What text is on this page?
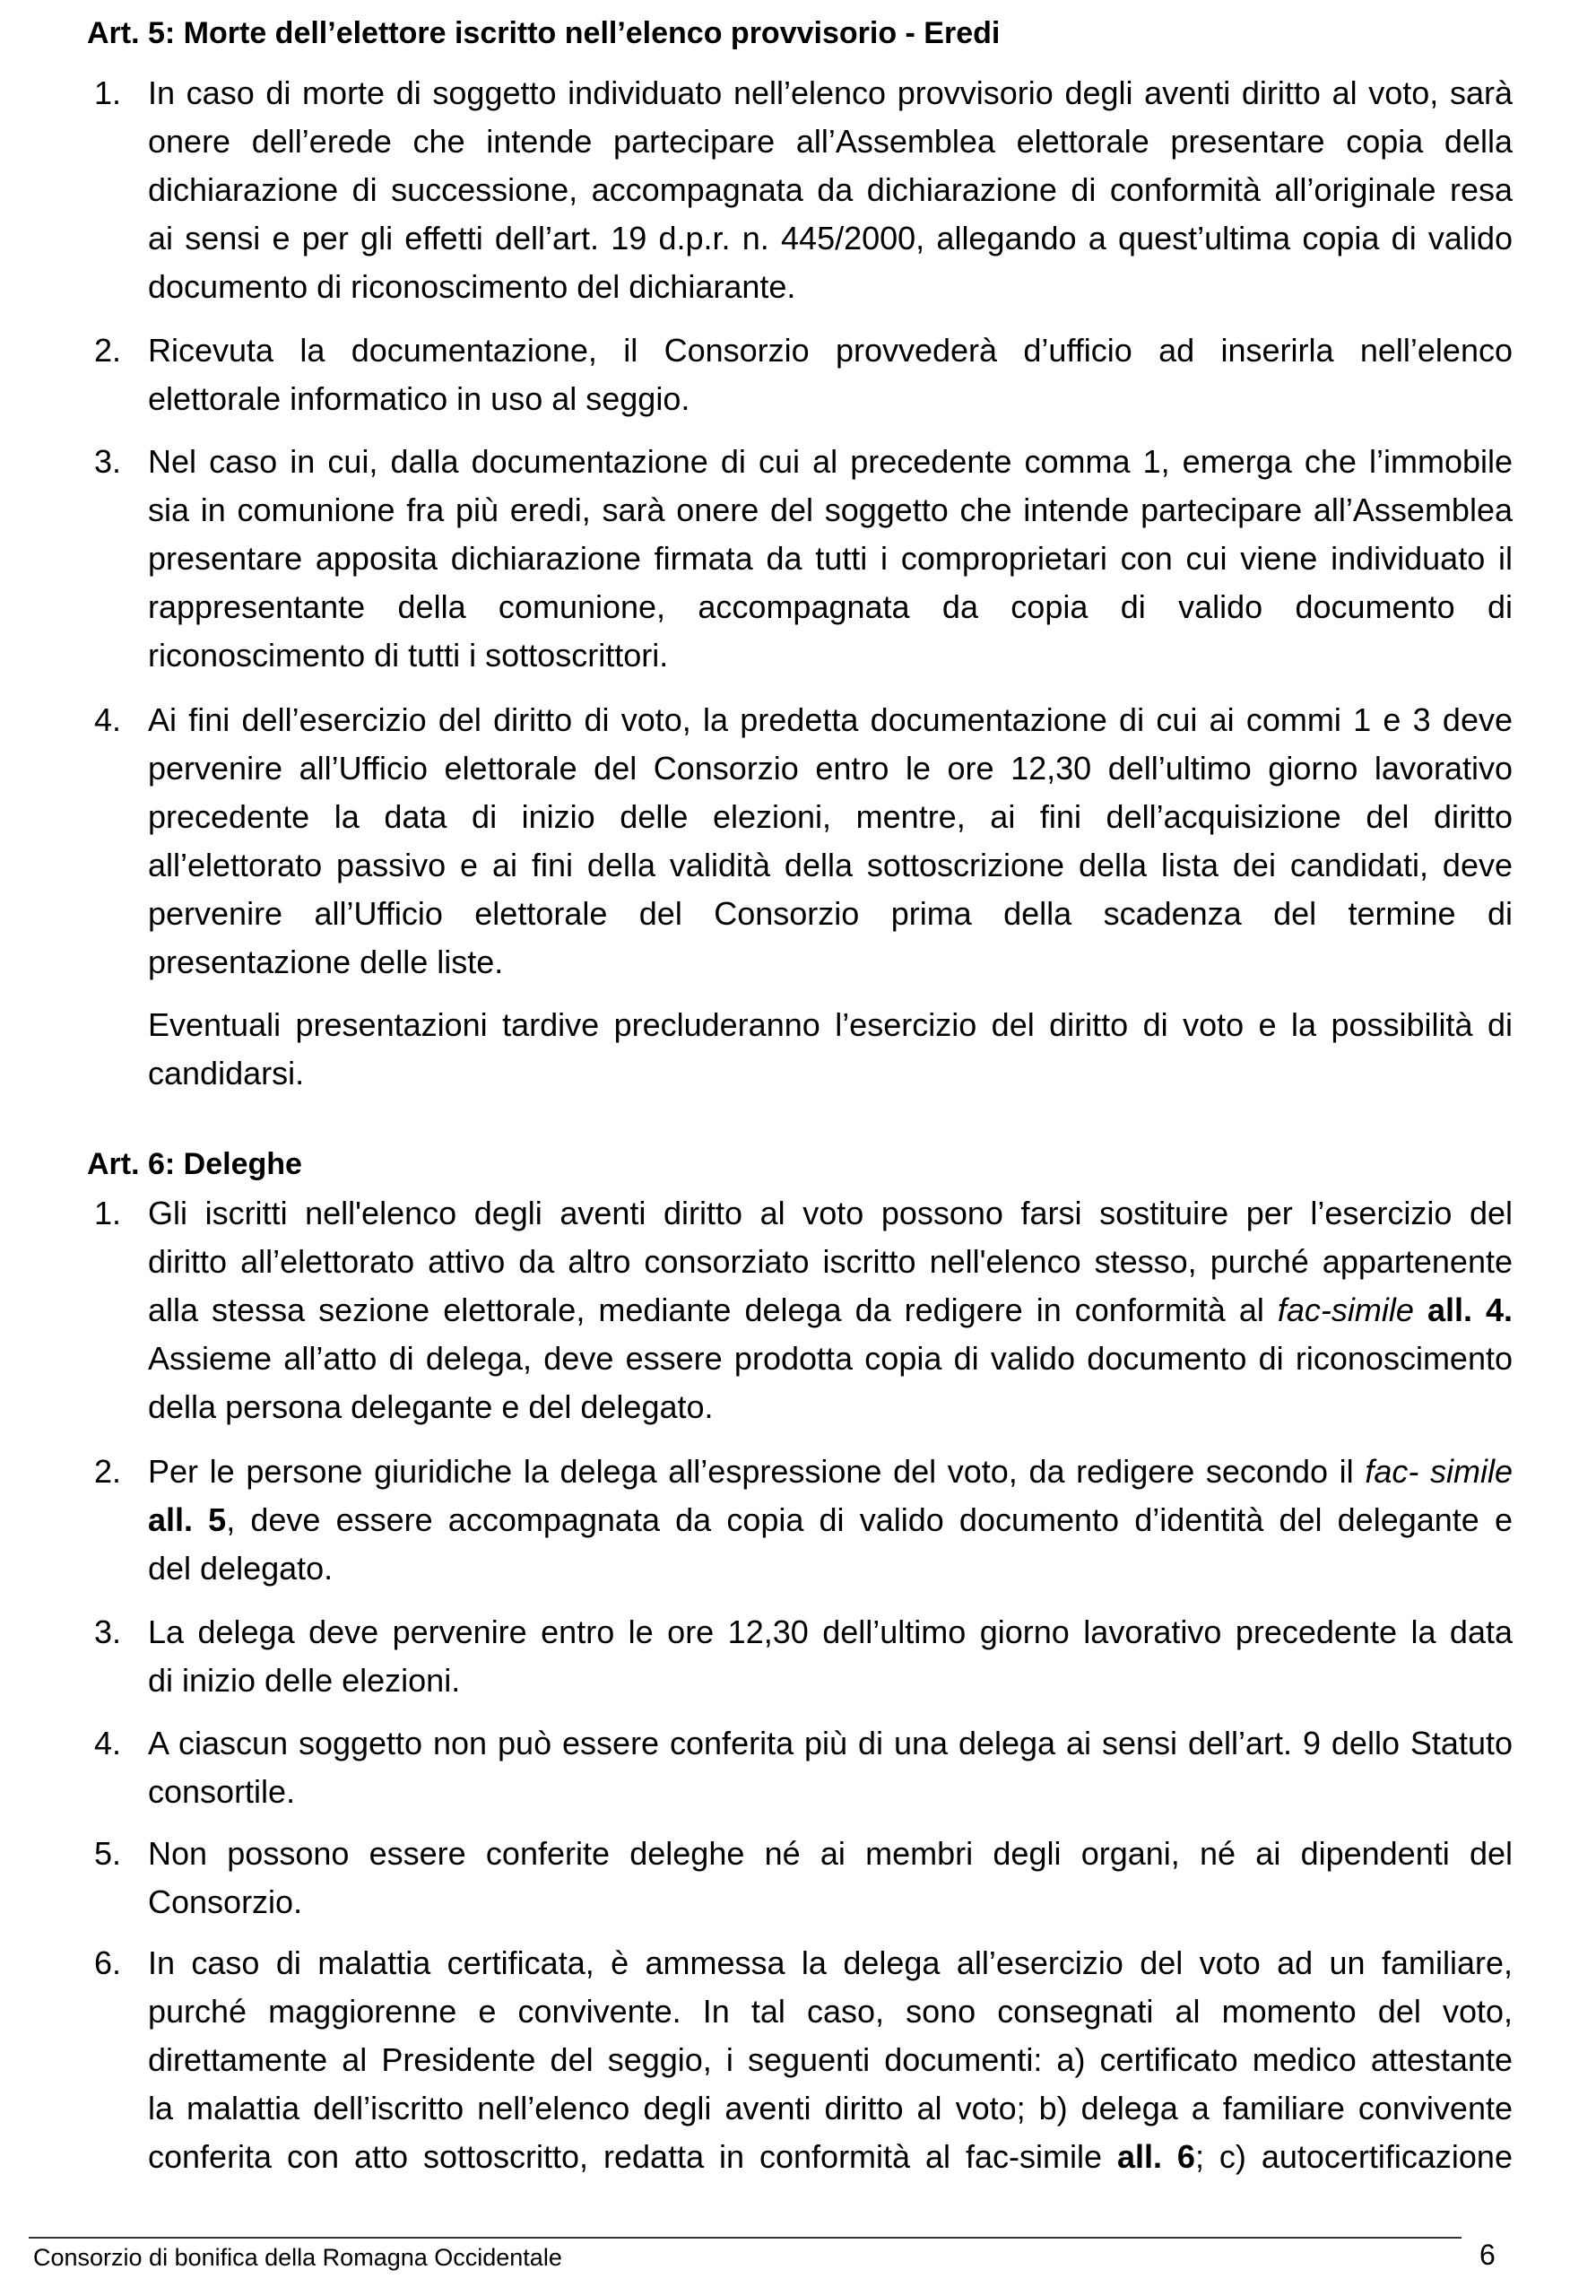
Art. 5: Morte dell’elettore iscritto nell’elenco provvisorio - Eredi
1. In caso di morte di soggetto individuato nell’elenco provvisorio degli aventi diritto al voto, sarà
onere dell’erede che intende partecipare all’Assemblea elettorale presentare copia della
dichiarazione di successione, accompagnata da dichiarazione di conformità all’originale resa
ai sensi e per gli effetti dell’art. 19 d.p.r. n. 445/2000, allegando a quest’ultima copia di valido
documento di riconoscimento del dichiarante.
2. Ricevuta la documentazione, il Consorzio provvederà d’ufficio ad inserirla nell’elenco
elettorale informatico in uso al seggio.
3. Nel caso in cui, dalla documentazione di cui al precedente comma 1, emerga che l’immobile
sia in comunione fra più eredi, sarà onere del soggetto che intende partecipare all’Assemblea
presentare apposita dichiarazione firmata da tutti i comproprietari con cui viene individuato il
rappresentante della comunione, accompagnata da copia di valido documento di
riconoscimento di tutti i sottoscrittori.
4. Ai fini dell’esercizio del diritto di voto, la predetta documentazione di cui ai commi 1 e 3 deve
pervenire all’Ufficio elettorale del Consorzio entro le ore 12,30 dell’ultimo giorno lavorativo
precedente la data di inizio delle elezioni, mentre, ai fini dell’acquisizione del diritto
all’elettorato passivo e ai fini della validità della sottoscrizione della lista dei candidati, deve
pervenire all’Ufficio elettorale del Consorzio prima della scadenza del termine di
presentazione delle liste.
Eventuali presentazioni tardive precluderanno l’esercizio del diritto di voto e la possibilità di
candidarsi.
Art. 6: Deleghe
1. Gli iscritti nell'elenco degli aventi diritto al voto possono farsi sostituire per l’esercizio del
diritto all’elettorato attivo da altro consorziato iscritto nell'elenco stesso, purché appartenente
alla stessa sezione elettorale, mediante delega da redigere in conformità al fac-simile all. 4.
Assieme all’atto di delega, deve essere prodotta copia di valido documento di riconoscimento
della persona delegante e del delegato.
2. Per le persone giuridiche la delega all’espressione del voto, da redigere secondo il fac- simile
all. 5, deve essere accompagnata da copia di valido documento d’identità del delegante e
del delegato.
3. La delega deve pervenire entro le ore 12,30 dell’ultimo giorno lavorativo precedente la data
di inizio delle elezioni.
4. A ciascun soggetto non può essere conferita più di una delega ai sensi dell’art. 9 dello Statuto
consortile.
5. Non possono essere conferite deleghe né ai membri degli organi, né ai dipendenti del
Consorzio.
6. In caso di malattia certificata, è ammessa la delega all’esercizio del voto ad un familiare,
purché maggiorenne e convivente. In tal caso, sono consegnati al momento del voto,
direttamente al Presidente del seggio, i seguenti documenti: a) certificato medico attestante
la malattia dell’iscritto nell’elenco degli aventi diritto al voto; b) delega a familiare convivente
conferita con atto sottoscritto, redatta in conformità al fac-simile all. 6; c) autocertificazione
Consorzio di bonifica della Romagna Occidentale	6
